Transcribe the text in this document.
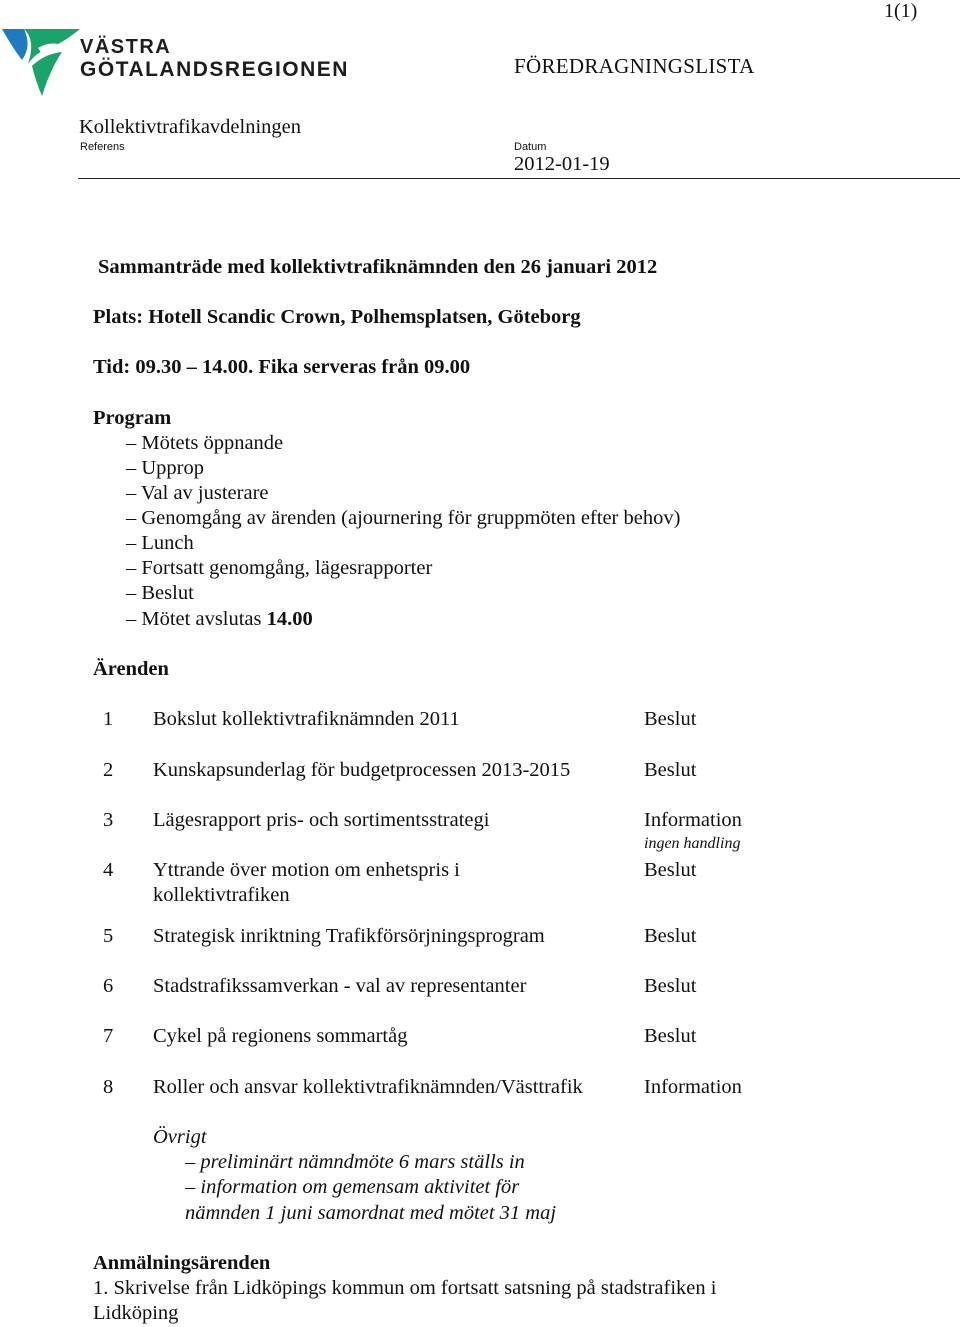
1(1)
VÄSTRA
GÖTALANDSREGIONEN	FÖREDRAGNINGSLISTA
Kollektivtrafikavdelningen
Referens	Datum
2012-01-19
Sammanträde med kollektivtrafiknämnden den 26 januari 2012
Plats: Hotell Scandic Crown, Polhemsplatsen, Göteborg
Tid: 09.30 – 14.00. Fika serveras från 09.00
Program
– Mötets öppnande
– Upprop
– Val av justerare
– Genomgång av ärenden (ajournering för gruppmöten efter behov)
– Lunch
– Fortsatt genomgång, lägesrapporter
– Beslut
– Mötet avslutas 14.00
Ärenden
1 Bokslut kollektivtrafiknämnden 2011	Beslut
2 Kunskapsunderlag för budgetprocessen 2013-2015	Beslut
3 Lägesrapport pris- och sortimentsstrategi	Information
ingen handling
4 Yttrande över motion om enhetspris i
kollektivtrafiken
Beslut
5 Strategisk inriktning Trafikförsörjningsprogram	Beslut
6 Stadstrafikssamverkan - val av representanter	Beslut
7 Cykel på regionens sommartåg	Beslut
8 Roller och ansvar kollektivtrafiknämnden/Västtrafik	Information
Övrigt
– preliminärt nämndmöte 6 mars ställs in
– information om gemensam aktivitet för
nämnden 1 juni samordnat med mötet 31 maj
Anmälningsärenden
1. Skrivelse från Lidköpings kommun om fortsatt satsning på stadstrafiken i
Lidköping
